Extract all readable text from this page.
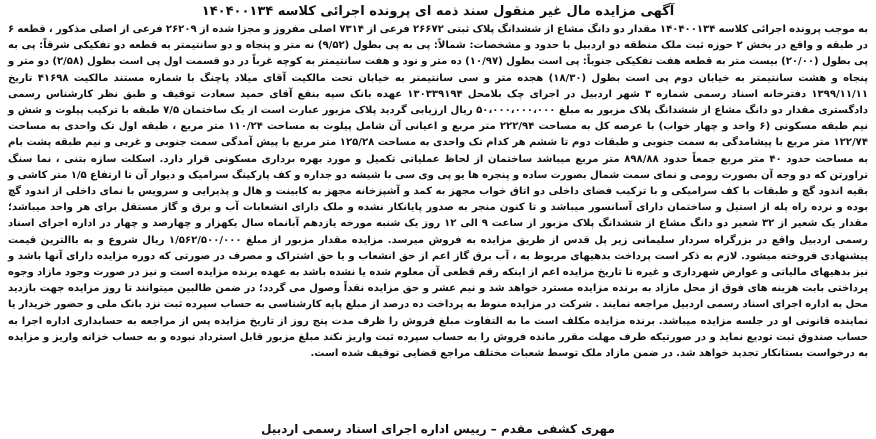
آگهی مزایده مال غیر منقول سند ذمه ای پرونده اجرائی کلاسه ۱۴۰۴۰۰۱۳۴

به موجب پرونده اجرائی کلاسه ۱۴۰۴۰۰۱۳۴ مقدار دو دانگ مشاع از ششدانگ پلاک ثبتی ۲۶۶۷۲ فرعی از ۷۳۱۴ اصلی مفروز و مجزا شده از ۲۶۲۰۹ فرعی از اصلی مذکور ، قطعه ۶ در طبقه و واقع در بخش ۲ حوزه ثبت ملک منطقه دو اردبیل با حدود و مشخصات: شمالاً: پی به پی بطول (۹/۵۲) نه متر و پنجاه و دو سانتیمتر به قطعه دو تفکیکی شرقاً: پی به پی بطول (۲۰/۰۰) بیست متر به قطعه هفت تفکیکی جنوباً: پی است بطول (۱۰/۹۷) ده متر و نود و هفت سانتیمتر به کوچه غرباً در دو قسمت اول پی است بطول (۲/۵۸) دو متر و پنجاه و هشت سانتیمتر به خیابان دوم پی است بطول (۱۸/۳۰) هجده متر و سی سانتیمتر به خیابان تحت مالکیت آقای میلاد پاچنگ با شماره مستند مالکیت ۴۱۶۹۸ تاریخ ۱۳۹۹/۱۱/۱۱ دفترخانه اسناد رسمی شماره ۳ شهر اردبیل در اجرای چک بلامحل ۱۳۰۳۳۹۱۹۴ عهده بانک سپه بنفع آقای حمید سعادت توقیف و طبق نظر کارشناس رسمی دادگستری مقدار دو دانگ مشاع از ششدانگ پلاک مزبور به مبلغ ۵۰،۰۰۰،۰۰۰،۰۰۰ ریال ارزیابی گردید پلاک مزبور عبارت است از یک ساختمان ۷/۵ طبقه با ترکیب پیلوت و شش و نیم طبقه مسکونی (۶ واحد و چهار خواب) با عرصه کل به مساحت ۲۲۲/۹۴ متر مربع و اعیانی آن شامل پیلوت به مساحت ۱۱۰/۲۴ متر مربع ، طبقه اول تک واحدی به مساحت ۱۲۲/۷۴ متر مربع با پیشامدگی به سمت جنوبی و طبقات دوم تا ششم هر کدام تک واحدی به مساحت ۱۲۵/۲۸ متر مربع با پیش آمدگی سمت جنوبی و غربی و نیم طبقه پشت بام به مساحت حدود ۴۰ متر مربع جمعاً حدود ۸۹۸/۸۸ متر مربع میباشد ساختمان از لحاظ عملیاتی تکمیل و مورد بهره برداری مسکونی قرار دارد. اسکلت سازه بتنی ، نما سنگ تراورتن که دو وجه آن بصورت رومی و نمای سمت شمال بصورت ساده و پنجره ها یو پی وی سی با شیشه دو جداره و کف پارکینگ سرامیک و دیوار آن تا ارتفاع ۱/۵ متر کاشی و بقیه اندود گچ و طبقات با کف سرامیکی و با ترکیب فضای داخلی دو اتاق خواب مجهز به کمد و آشپزخانه مجهز به کابینت و هال و پذیرایی و سرویس با نمای داخلی از اندود گچ بوده و نرده راه پله از استیل و ساختمان دارای آسانسور میباشد و تا کنون منجر به صدور پایانکار نشده و ملک دارای انشعابات آب و برق و گاز مستقل برای هر واحد میباشد؛ مقدار یک شعیر از ۳۲ شعیر دو دانگ مشاع از ششدانگ پلاک مزبور از ساعت ۹ الی ۱۲ روز یک شنبه مورخه یازدهم آبانماه سال یکهزار و چهارصد و چهار در اداره اجرای اسناد رسمی اردبیل واقع در بزرگراه سردار سلیمانی زیر پل قدس از طریق مزایده به فروش میرسد. مزایده مقدار مزبور از مبلغ ۱/۵۶۲/۵۰۰/۰۰۰ ریال شروع و به باالترین قیمت پیشنهادی فروخته میشود. لازم به ذکر است پرداخت بدهیهای مربوط به ، آب برق گاز اعم از حق انشعاب و یا حق اشتراک و مصرف در صورتی که دوره مزایده دارای آنها باشد و نیز بدهیهای مالیاتی و عوارض شهرداری و غیره تا تاریخ مزایده اعم از اینکه رقم قطعی آن معلوم شده یا نشده باشد به عهده برنده مزایده است و نیز در صورت وجود مازاد وجوه پرداختی بابت هزینه های فوق از محل مازاد به برنده مزایده مسترد خواهد شد و نیم عشر و حق مزایده نقداً وصول می گردد؛ در ضمن طالبین میتوانند تا روز مزایده جهت بازدید محل به اداره اجرای اسناد رسمی اردبیل مراجعه نمایند . شرکت در مزایده منوط به پرداخت ده درصد از مبلغ پایه کارشناسی به حساب سپرده ثبت نزد بانک ملی و حضور خریدار یا نماینده قانونی او در جلسه مزایده میباشد. برنده مزایده مکلف است ما به التفاوت مبلغ فروش را ظرف مدت پنج روز از تاریخ مزایده پس از مراجعه به حسابداری اداره اجرا به حساب صندوق ثبت تودیع نماید و در صورتیکه طرف مهلت مقرر مانده فروش را به حساب سپرده ثبت واریز نکند مبلغ مزبور قابل استرداد نبوده و به حساب خزانه واریز و مزایده به درخواست بستانکار تجدید خواهد شد. در ضمن مازاد ملک توسط شعبات مختلف مراجع قضایی توقیف شده است.

مهری کشفی مقدم – رییس اداره اجرای اسناد رسمی اردبیل
